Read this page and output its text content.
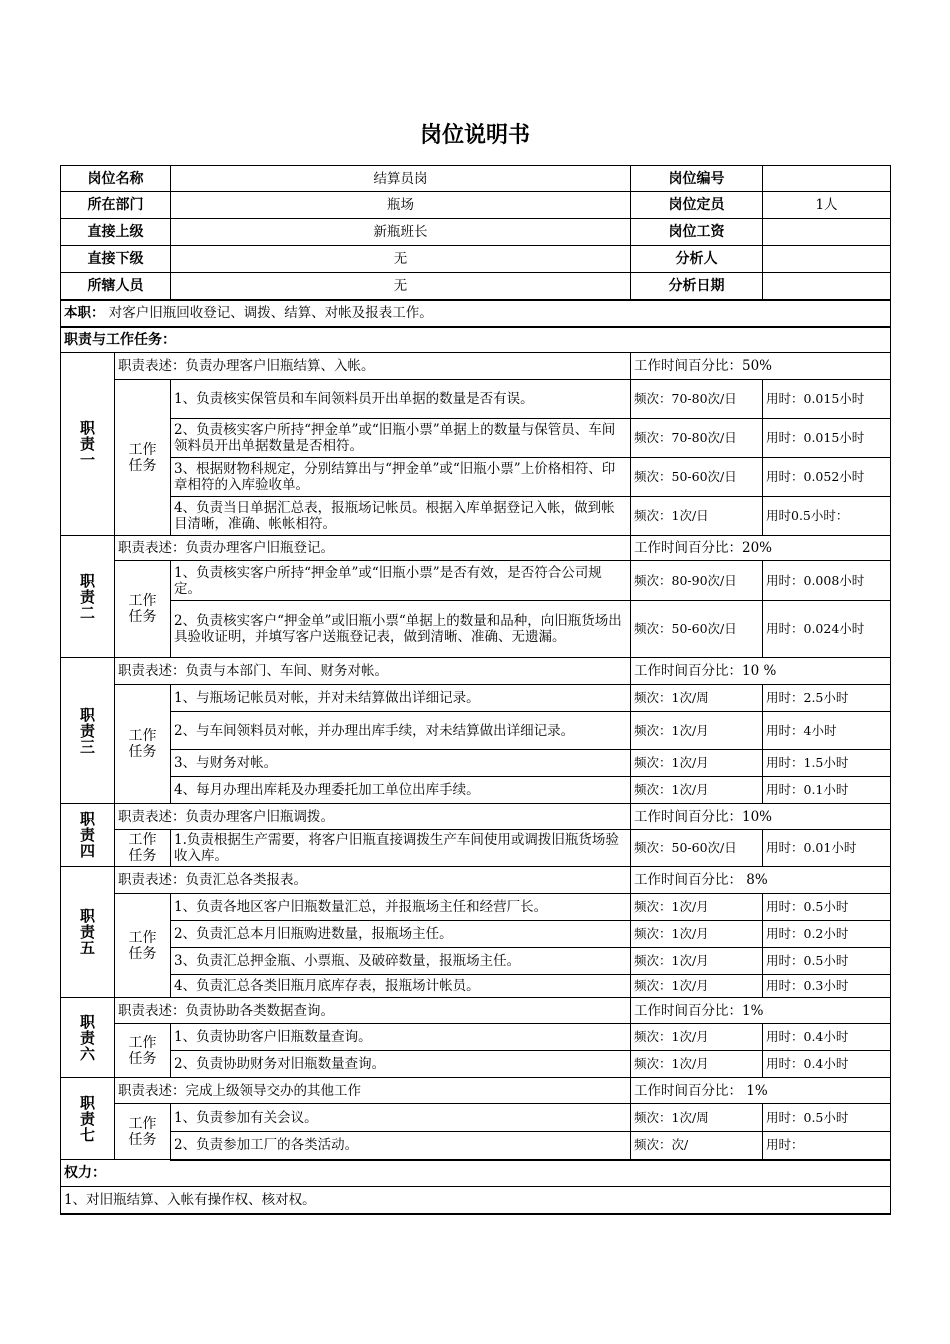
岗位说明书
岗位名称		结算员岗	岗位编号	
所在部门		瓶场	岗位定员	1人
直接上级		新瓶班长	岗位工资	
直接下级		无	分析人	
所辖人员		无	分析日期	
本职： 对客户旧瓶回收登记、调拨、结算、对帐及报表工作。				
职责与工作任务：				
职
责
一	职责表述：负责办理客户旧瓶结算、入帐。		工作时间百分比：50%	
	工作
任务	1、负责核实保管员和车间领料员开出单据的数量是否有误。	频次：70-80次/日	用时：0.015小时
		2、负责核实客户所持“押金单”或“旧瓶小票”单据上的数量与保管员、车间领料员开出单据数量是否相符。	频次：70-80次/日	用时：0.015小时
		3、根据财物科规定，分别结算出与“押金单”或“旧瓶小票”上价格相符、印章相符的入库验收单。	频次：50-60次/日	用时：0.052小时
		4、负责当日单据汇总表，报瓶场记帐员。根据入库单据登记入帐，做到帐目清晰，准确、帐帐相符。	频次：1次/日	用时0.5小时：
职
责
二	职责表述：负责办理客户旧瓶登记。		工作时间百分比：20%	
	工作
任务	1、负责核实客户所持“押金单”或“旧瓶小票”是否有效，是否符合公司规定。	频次：80-90次/日	用时：0.008小时
		2、负责核实客户“押金单”或旧瓶小票“单据上的数量和品种，向旧瓶货场出具验收证明，并填写客户送瓶登记表，做到清晰、准确、无遗漏。	频次：50-60次/日	用时：0.024小时
职
责
三	职责表述：负责与本部门、车间、财务对帐。		工作时间百分比：10 %	
	工作
任务	1、与瓶场记帐员对帐，并对未结算做出详细记录。	频次：1次/周	用时：2.5小时
		2、与车间领料员对帐，并办理出库手续，对未结算做出详细记录。	频次：1次/月	用时：4小时
		3、与财务对帐。	频次：1次/月	用时：1.5小时
		4、每月办理出库耗及办理委托加工单位出库手续。	频次：1次/月	用时：0.1小时
职
责
四	职责表述：负责办理客户旧瓶调拨。		工作时间百分比：10%	
	工作
任务	1.负责根据生产需要，将客户旧瓶直接调拨生产车间使用或调拨旧瓶货场验收入库。	频次：50-60次/日	用时：0.01小时
职
责
五	职责表述：负责汇总各类报表。		工作时间百分比： 8%	
	工作
任务	1、负责各地区客户旧瓶数量汇总，并报瓶场主任和经营厂长。	频次：1次/月	用时：0.5小时
		2、负责汇总本月旧瓶购进数量，报瓶场主任。	频次：1次/月	用时：0.2小时
		3、负责汇总押金瓶、小票瓶、及破碎数量，报瓶场主任。	频次：1次/月	用时：0.5小时
		4、负责汇总各类旧瓶月底库存表，报瓶场计帐员。	频次：1次/月	用时：0.3小时
职
责
六	职责表述：负责协助各类数据查询。		工作时间百分比：1%	
	工作
任务	1、负责协助客户旧瓶数量查询。	频次：1次/月	用时：0.4小时
		2、负责协助财务对旧瓶数量查询。	频次：1次/月	用时：0.4小时
职
责
七	职责表述：完成上级领导交办的其他工作		工作时间百分比： 1%	
	工作
任务	1、负责参加有关会议。	频次：1次/周	用时：0.5小时
		2、负责参加工厂的各类活动。	频次：次/	用时：
权力：				
1、对旧瓶结算、入帐有操作权、核对权。				
